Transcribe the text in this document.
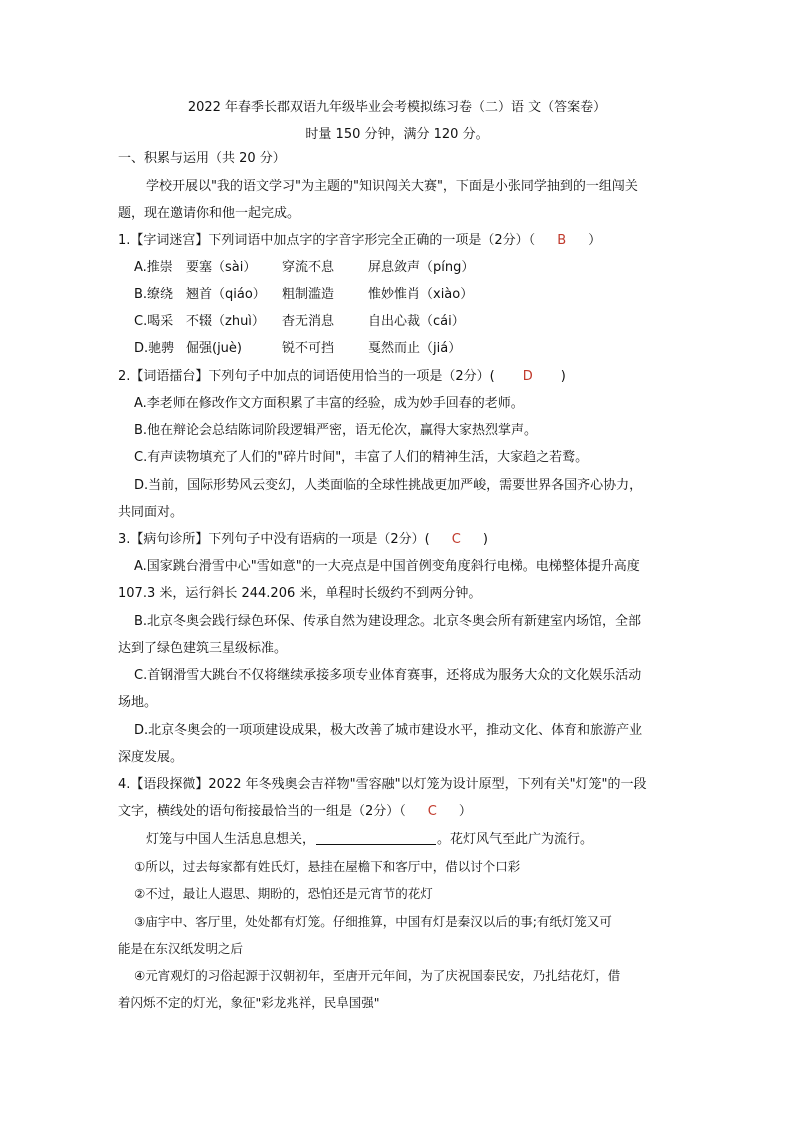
2022 年春季长郡双语九年级毕业会考模拟练习卷（二）语 文（答案卷）
时量 150 分钟，满分 120 分。
一、积累与运用（共 20 分）
学校开展以"我的语文学习"为主题的"知识闯关大赛"，下面是小张同学抽到的一组闯关
题，现在邀请你和他一起完成。
1.【字词迷宫】下列词语中加点字的字音字形完全正确的一项是（2分）（ B ）
A.推崇 要塞（sài） 穿流不息	屏息敛声（píng）
B.缭绕 翘首（qiáo） 粗制滥造	惟妙惟肖（xiào）
C.喝采 不辍（zhuì） 杳无消息	自出心裁（cái）
D.驰骋 倔强(juè)	锐不可挡	戛然而止（jiá）
2.【词语擂台】下列句子中加点的词语使用恰当的一项是（2分）( D )
A.李老师在修改作文方面积累了丰富的经验，成为妙手回春的老师。
B.他在辩论会总结陈词阶段逻辑严密，语无伦次，赢得大家热烈掌声。
C.有声读物填充了人们的"碎片时间"，丰富了人们的精神生活，大家趋之若鹜。
D.当前，国际形势风云变幻，人类面临的全球性挑战更加严峻，需要世界各国齐心协力，
共同面对。
3.【病句诊所】下列句子中没有语病的一项是（2分）( C )
A.国家跳台滑雪中心"雪如意"的一大亮点是中国首例变角度斜行电梯。电梯整体提升高度
107.3 米，运行斜长 244.206 米，单程时长级约不到两分钟。
B.北京冬奥会践行绿色环保、传承自然为建设理念。北京冬奥会所有新建室内场馆，全部
达到了绿色建筑三星级标准。
C.首钢滑雪大跳台不仅将继续承接多项专业体育赛事，还将成为服务大众的文化娱乐活动
场地。
D.北京冬奥会的一项项建设成果，极大改善了城市建设水平，推动文化、体育和旅游产业
深度发展。
4.【语段探微】2022 年冬残奥会吉祥物"雪容融"以灯笼为设计原型，下列有关"灯笼"的一段
文字，横线处的语句衔接最恰当的一组是（2分）（ C ）
灯笼与中国人生活息息想关，	。花灯风气至此广为流行。
①所以，过去每家都有姓氏灯，悬挂在屋檐下和客厅中，借以讨个口彩
②不过，最让人遐思、期盼的，恐怕还是元宵节的花灯
③庙宇中、客厅里，处处都有灯笼。仔细推算，中国有灯是秦汉以后的事;有纸灯笼又可
能是在东汉纸发明之后
④元宵观灯的习俗起源于汉朝初年，至唐开元年间，为了庆祝国泰民安，乃扎结花灯，借
着闪烁不定的灯光，象征"彩龙兆祥，民阜国强"
